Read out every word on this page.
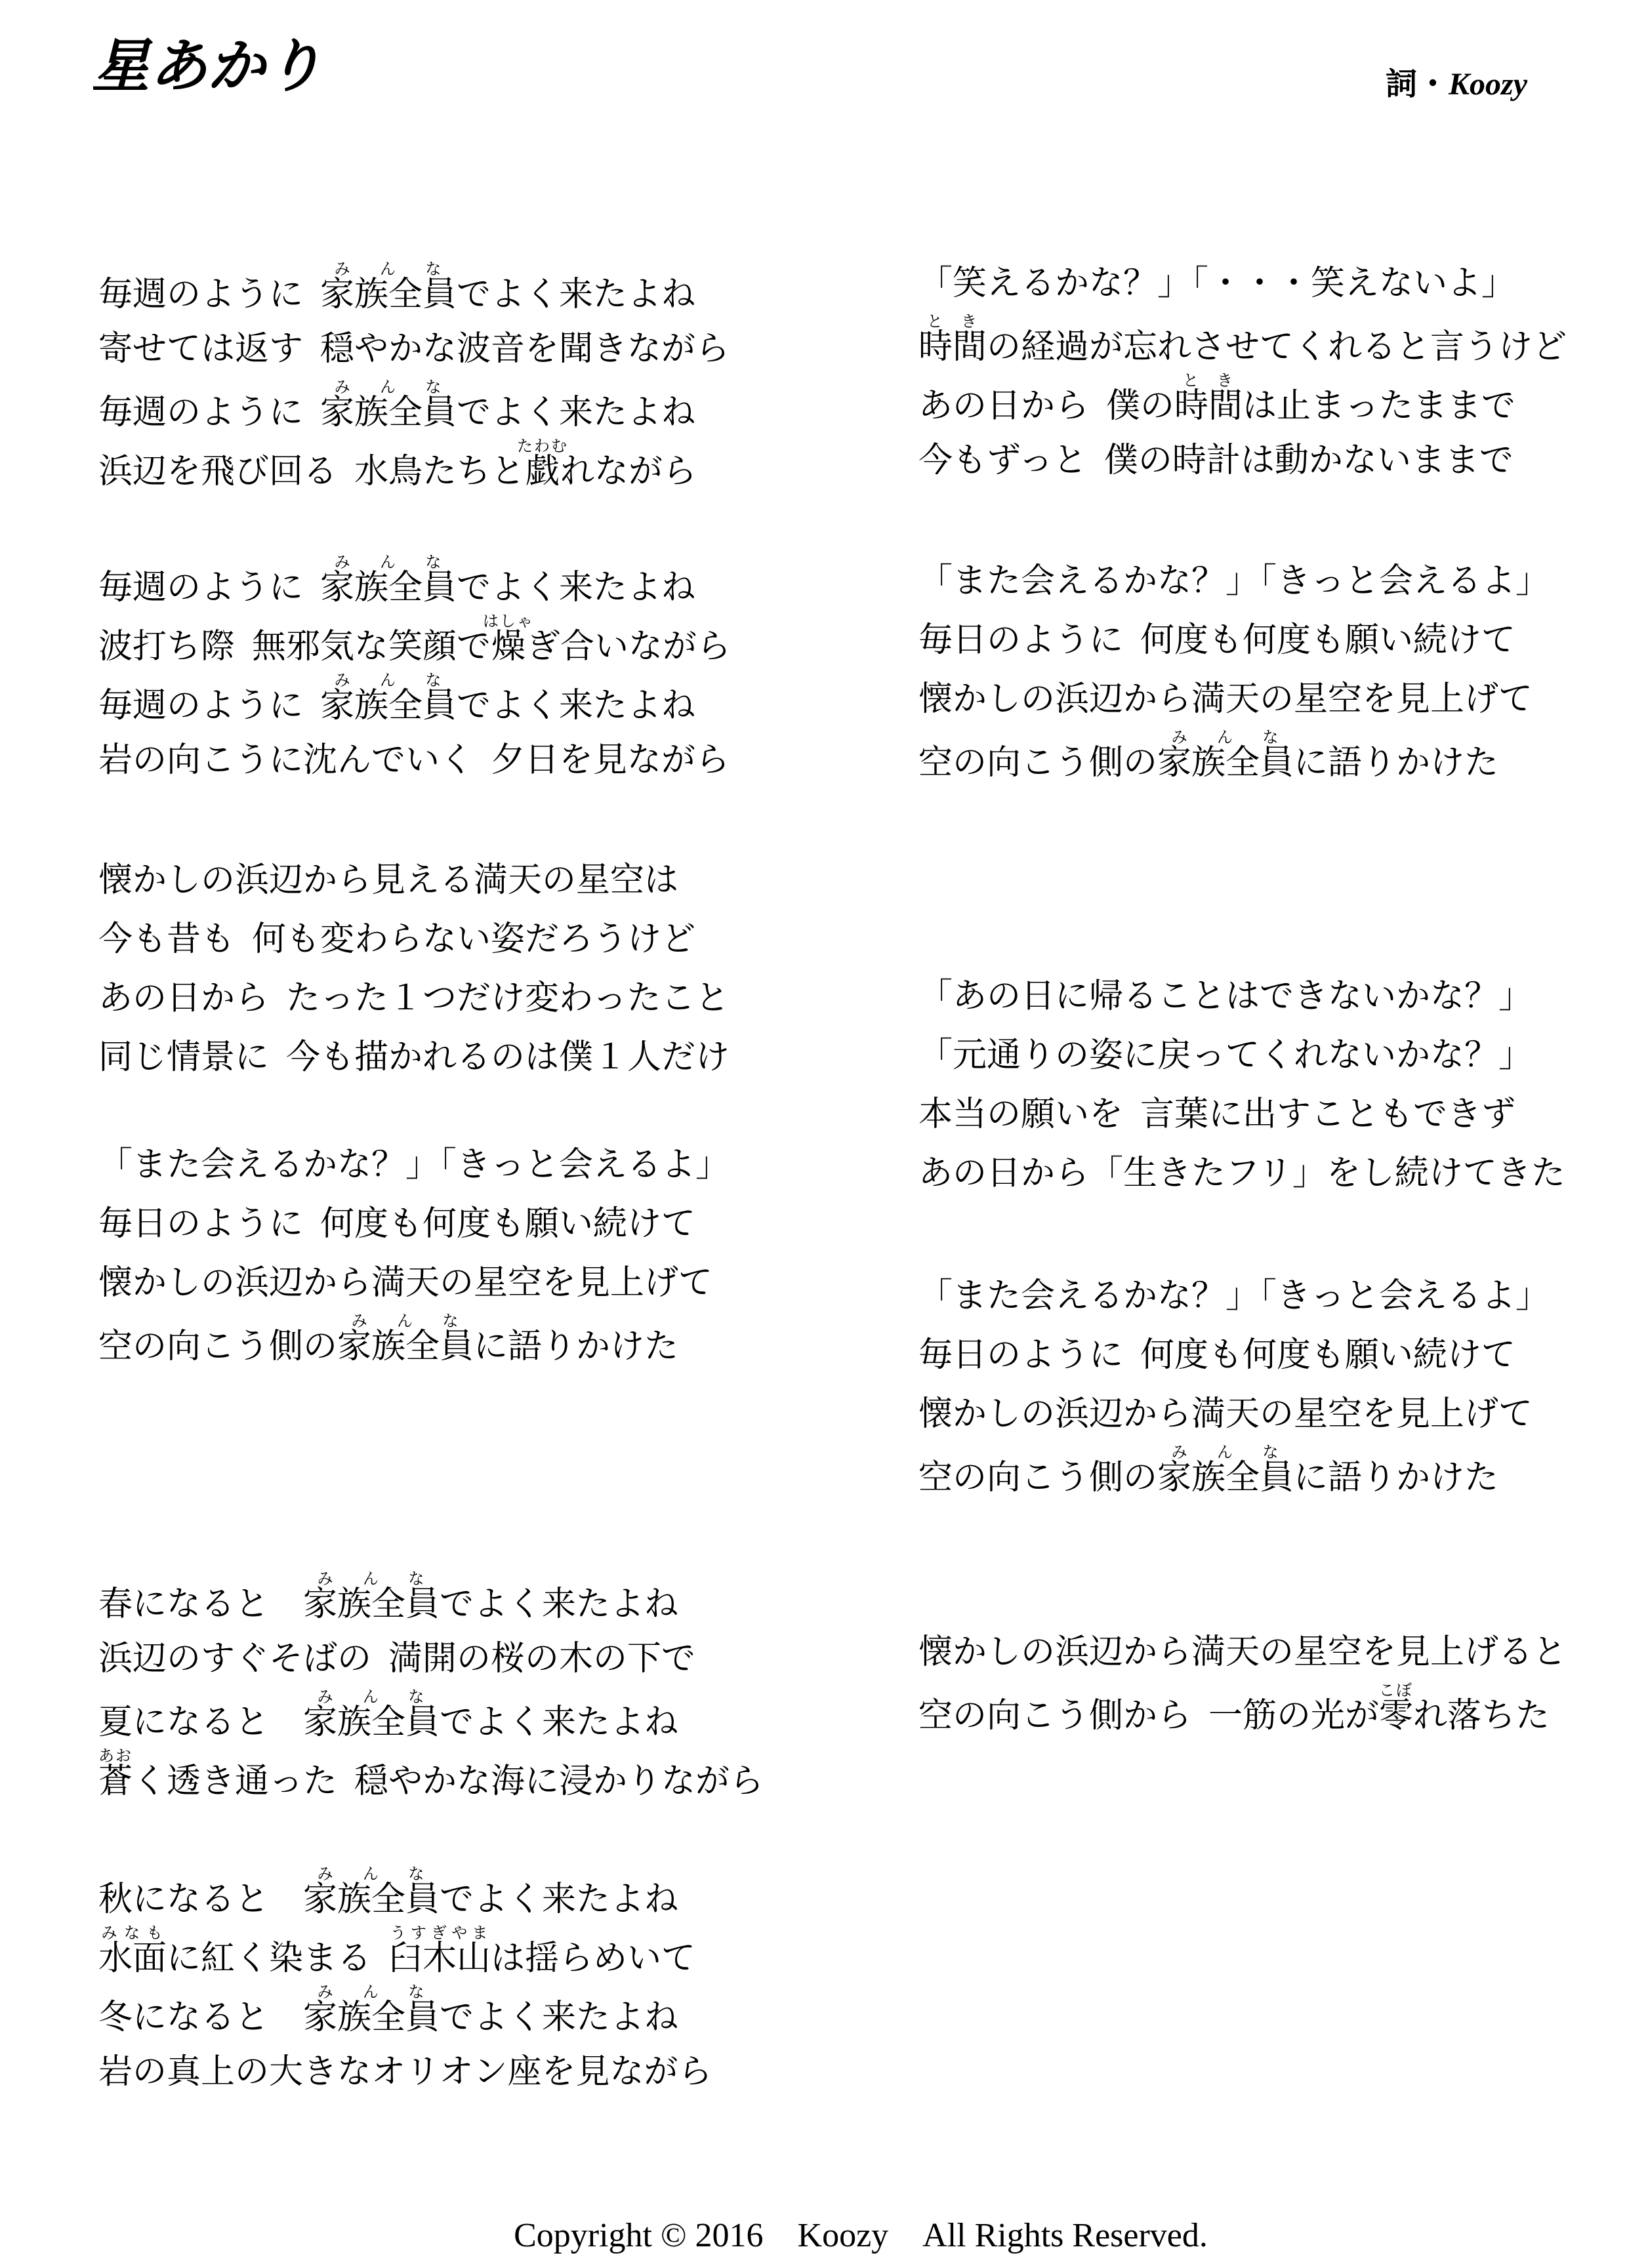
星あかり	詞・Koozy

毎週のように 家族全員みんなでよく来たよね

寄せては返す 穏やかな波音を聞きながら

毎週のように 家族全員みんなでよく来たよね

浜辺を飛び回る 水鳥たちと戯たわむれながら

毎週のように 家族全員みんなでよく来たよね

波打ち際 無邪気な笑顔で燥はしゃぎ合いながら

毎週のように 家族全員みんなでよく来たよね

岩の向こうに沈んでいく 夕日を見ながら

懐かしの浜辺から見える満天の星空は

今も昔も 何も変わらない姿だろうけど

あの日から たった１つだけ変わったこと

同じ情景に 今も描かれるのは僕１人だけ

「また会えるかな？」「きっと会えるよ」

毎日のように 何度も何度も願い続けて

懐かしの浜辺から満天の星空を見上げて

空の向こう側の家族全員みんなに語りかけた

春になると　家族全員みんなでよく来たよね

浜辺のすぐそばの 満開の桜の木の下で

夏になると　家族全員みんなでよく来たよね

蒼あおく透き通った 穏やかな海に浸かりながら

秋になると　家族全員みんなでよく来たよね

水面みなもに紅く染まる 臼木山うすぎやまは揺らめいて

冬になると　家族全員みんなでよく来たよね

岩の真上の大きなオリオン座を見ながら

「笑えるかな？」「・・・笑えないよ」

時間ときの経過が忘れさせてくれると言うけど

あの日から 僕の時間ときは止まったままで

今もずっと 僕の時計は動かないままで

「また会えるかな？」「きっと会えるよ」

毎日のように 何度も何度も願い続けて

懐かしの浜辺から満天の星空を見上げて

空の向こう側の家族全員みんなに語りかけた

「あの日に帰ることはできないかな？」

「元通りの姿に戻ってくれないかな？」

本当の願いを 言葉に出すこともできず

あの日から「生きたフリ」をし続けてきた

「また会えるかな？」「きっと会えるよ」

毎日のように 何度も何度も願い続けて

懐かしの浜辺から満天の星空を見上げて

空の向こう側の家族全員みんなに語りかけた

懐かしの浜辺から満天の星空を見上げると

空の向こう側から 一筋の光が零こぼれ落ちた

Copyright © 2016　Koozy　All Rights Reserved.
